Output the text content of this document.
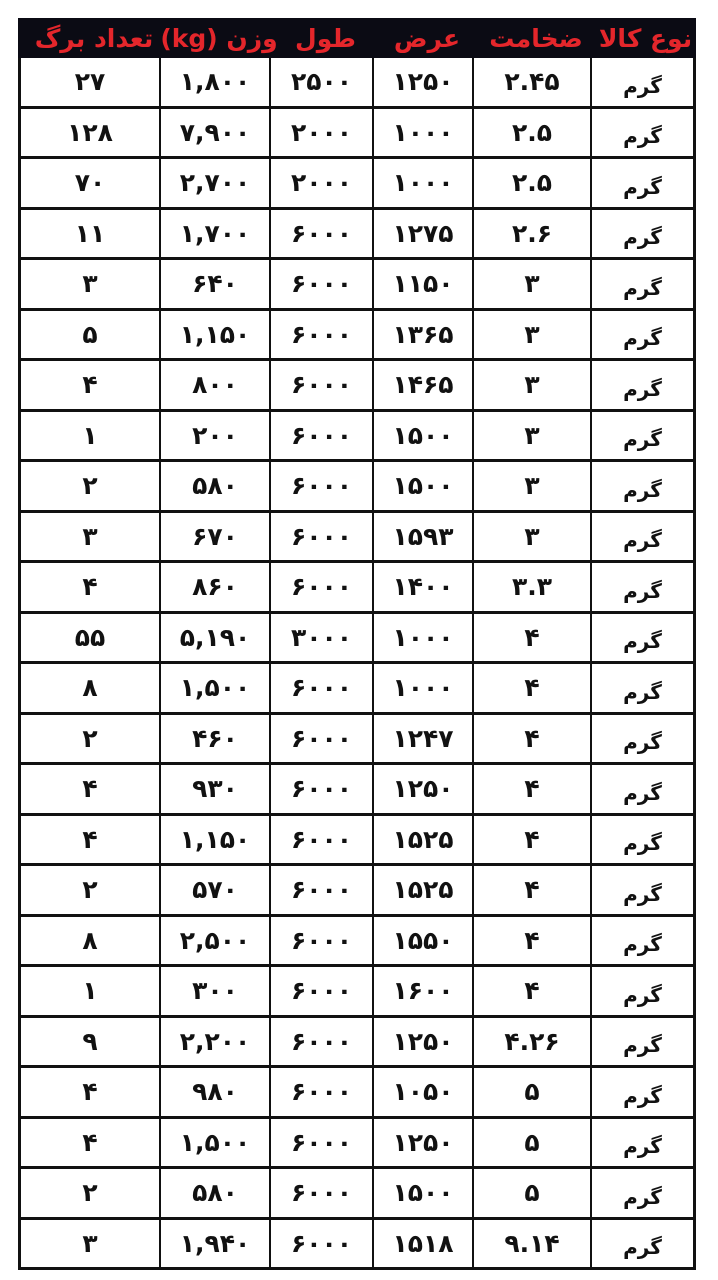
نوع کالا
ضخامت
عرض
طول
وزن (kg)
تعداد برگ
گرم
۲.۴۵
۱۲۵۰
۲۵۰۰
۱,۸۰۰
۲۷
گرم
۲.۵
۱۰۰۰
۲۰۰۰
۷,۹۰۰
۱۲۸
گرم
۲.۵
۱۰۰۰
۲۰۰۰
۲,۷۰۰
۷۰
گرم
۲.۶
۱۲۷۵
۶۰۰۰
۱,۷۰۰
۱۱
گرم
۳
۱۱۵۰
۶۰۰۰
۶۴۰
۳
گرم
۳
۱۳۶۵
۶۰۰۰
۱,۱۵۰
۵
گرم
۳
۱۴۶۵
۶۰۰۰
۸۰۰
۴
گرم
۳
۱۵۰۰
۶۰۰۰
۲۰۰
۱
گرم
۳
۱۵۰۰
۶۰۰۰
۵۸۰
۲
گرم
۳
۱۵۹۳
۶۰۰۰
۶۷۰
۳
گرم
۳.۳
۱۴۰۰
۶۰۰۰
۸۶۰
۴
گرم
۴
۱۰۰۰
۳۰۰۰
۵,۱۹۰
۵۵
گرم
۴
۱۰۰۰
۶۰۰۰
۱,۵۰۰
۸
گرم
۴
۱۲۴۷
۶۰۰۰
۴۶۰
۲
گرم
۴
۱۲۵۰
۶۰۰۰
۹۳۰
۴
گرم
۴
۱۵۲۵
۶۰۰۰
۱,۱۵۰
۴
گرم
۴
۱۵۲۵
۶۰۰۰
۵۷۰
۲
گرم
۴
۱۵۵۰
۶۰۰۰
۲,۵۰۰
۸
گرم
۴
۱۶۰۰
۶۰۰۰
۳۰۰
۱
گرم
۴.۲۶
۱۲۵۰
۶۰۰۰
۲,۲۰۰
۹
گرم
۵
۱۰۵۰
۶۰۰۰
۹۸۰
۴
گرم
۵
۱۲۵۰
۶۰۰۰
۱,۵۰۰
۴
گرم
۵
۱۵۰۰
۶۰۰۰
۵۸۰
۲
گرم
۹.۱۴
۱۵۱۸
۶۰۰۰
۱,۹۴۰
۳
